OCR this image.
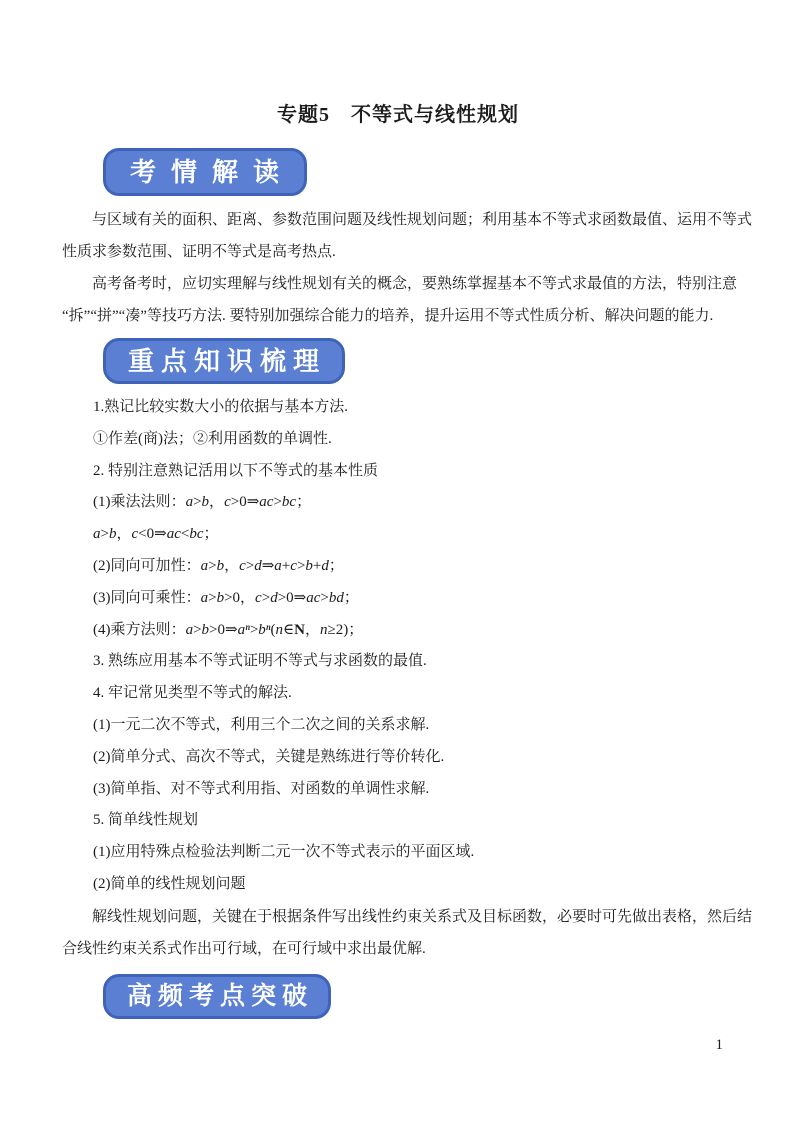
专题5　不等式与线性规划
考情解读
与区域有关的面积、距离、参数范围问题及线性规划问题；利用基本不等式求函数最值、运用不等式
性质求参数范围、证明不等式是高考热点.
高考备考时，应切实理解与线性规划有关的概念，要熟练掌握基本不等式求最值的方法，特别注意
“拆”“拼”“凑”等技巧方法. 要特别加强综合能力的培养，提升运用不等式性质分析、解决问题的能力.
重点知识梳理
1.熟记比较实数大小的依据与基本方法.
①作差(商)法；②利用函数的单调性.
2. 特别注意熟记活用以下不等式的基本性质
(1)乘法法则：a>b，c>0⇒ac>bc；
a>b，c<0⇒ac<bc；
(2)同向可加性：a>b，c>d⇒a+c>b+d；
(3)同向可乘性：a>b>0，c>d>0⇒ac>bd；
(4)乘方法则：a>b>0⇒aⁿ>bⁿ(n∈N，n≥2)；
3. 熟练应用基本不等式证明不等式与求函数的最值.
4. 牢记常见类型不等式的解法.
(1)一元二次不等式，利用三个二次之间的关系求解.
(2)简单分式、高次不等式，关键是熟练进行等价转化.
(3)简单指、对不等式利用指、对函数的单调性求解.
5. 简单线性规划
(1)应用特殊点检验法判断二元一次不等式表示的平面区域.
(2)简单的线性规划问题
解线性规划问题，关键在于根据条件写出线性约束关系式及目标函数，必要时可先做出表格，然后结
合线性约束关系式作出可行域，在可行域中求出最优解.
高频考点突破
1
